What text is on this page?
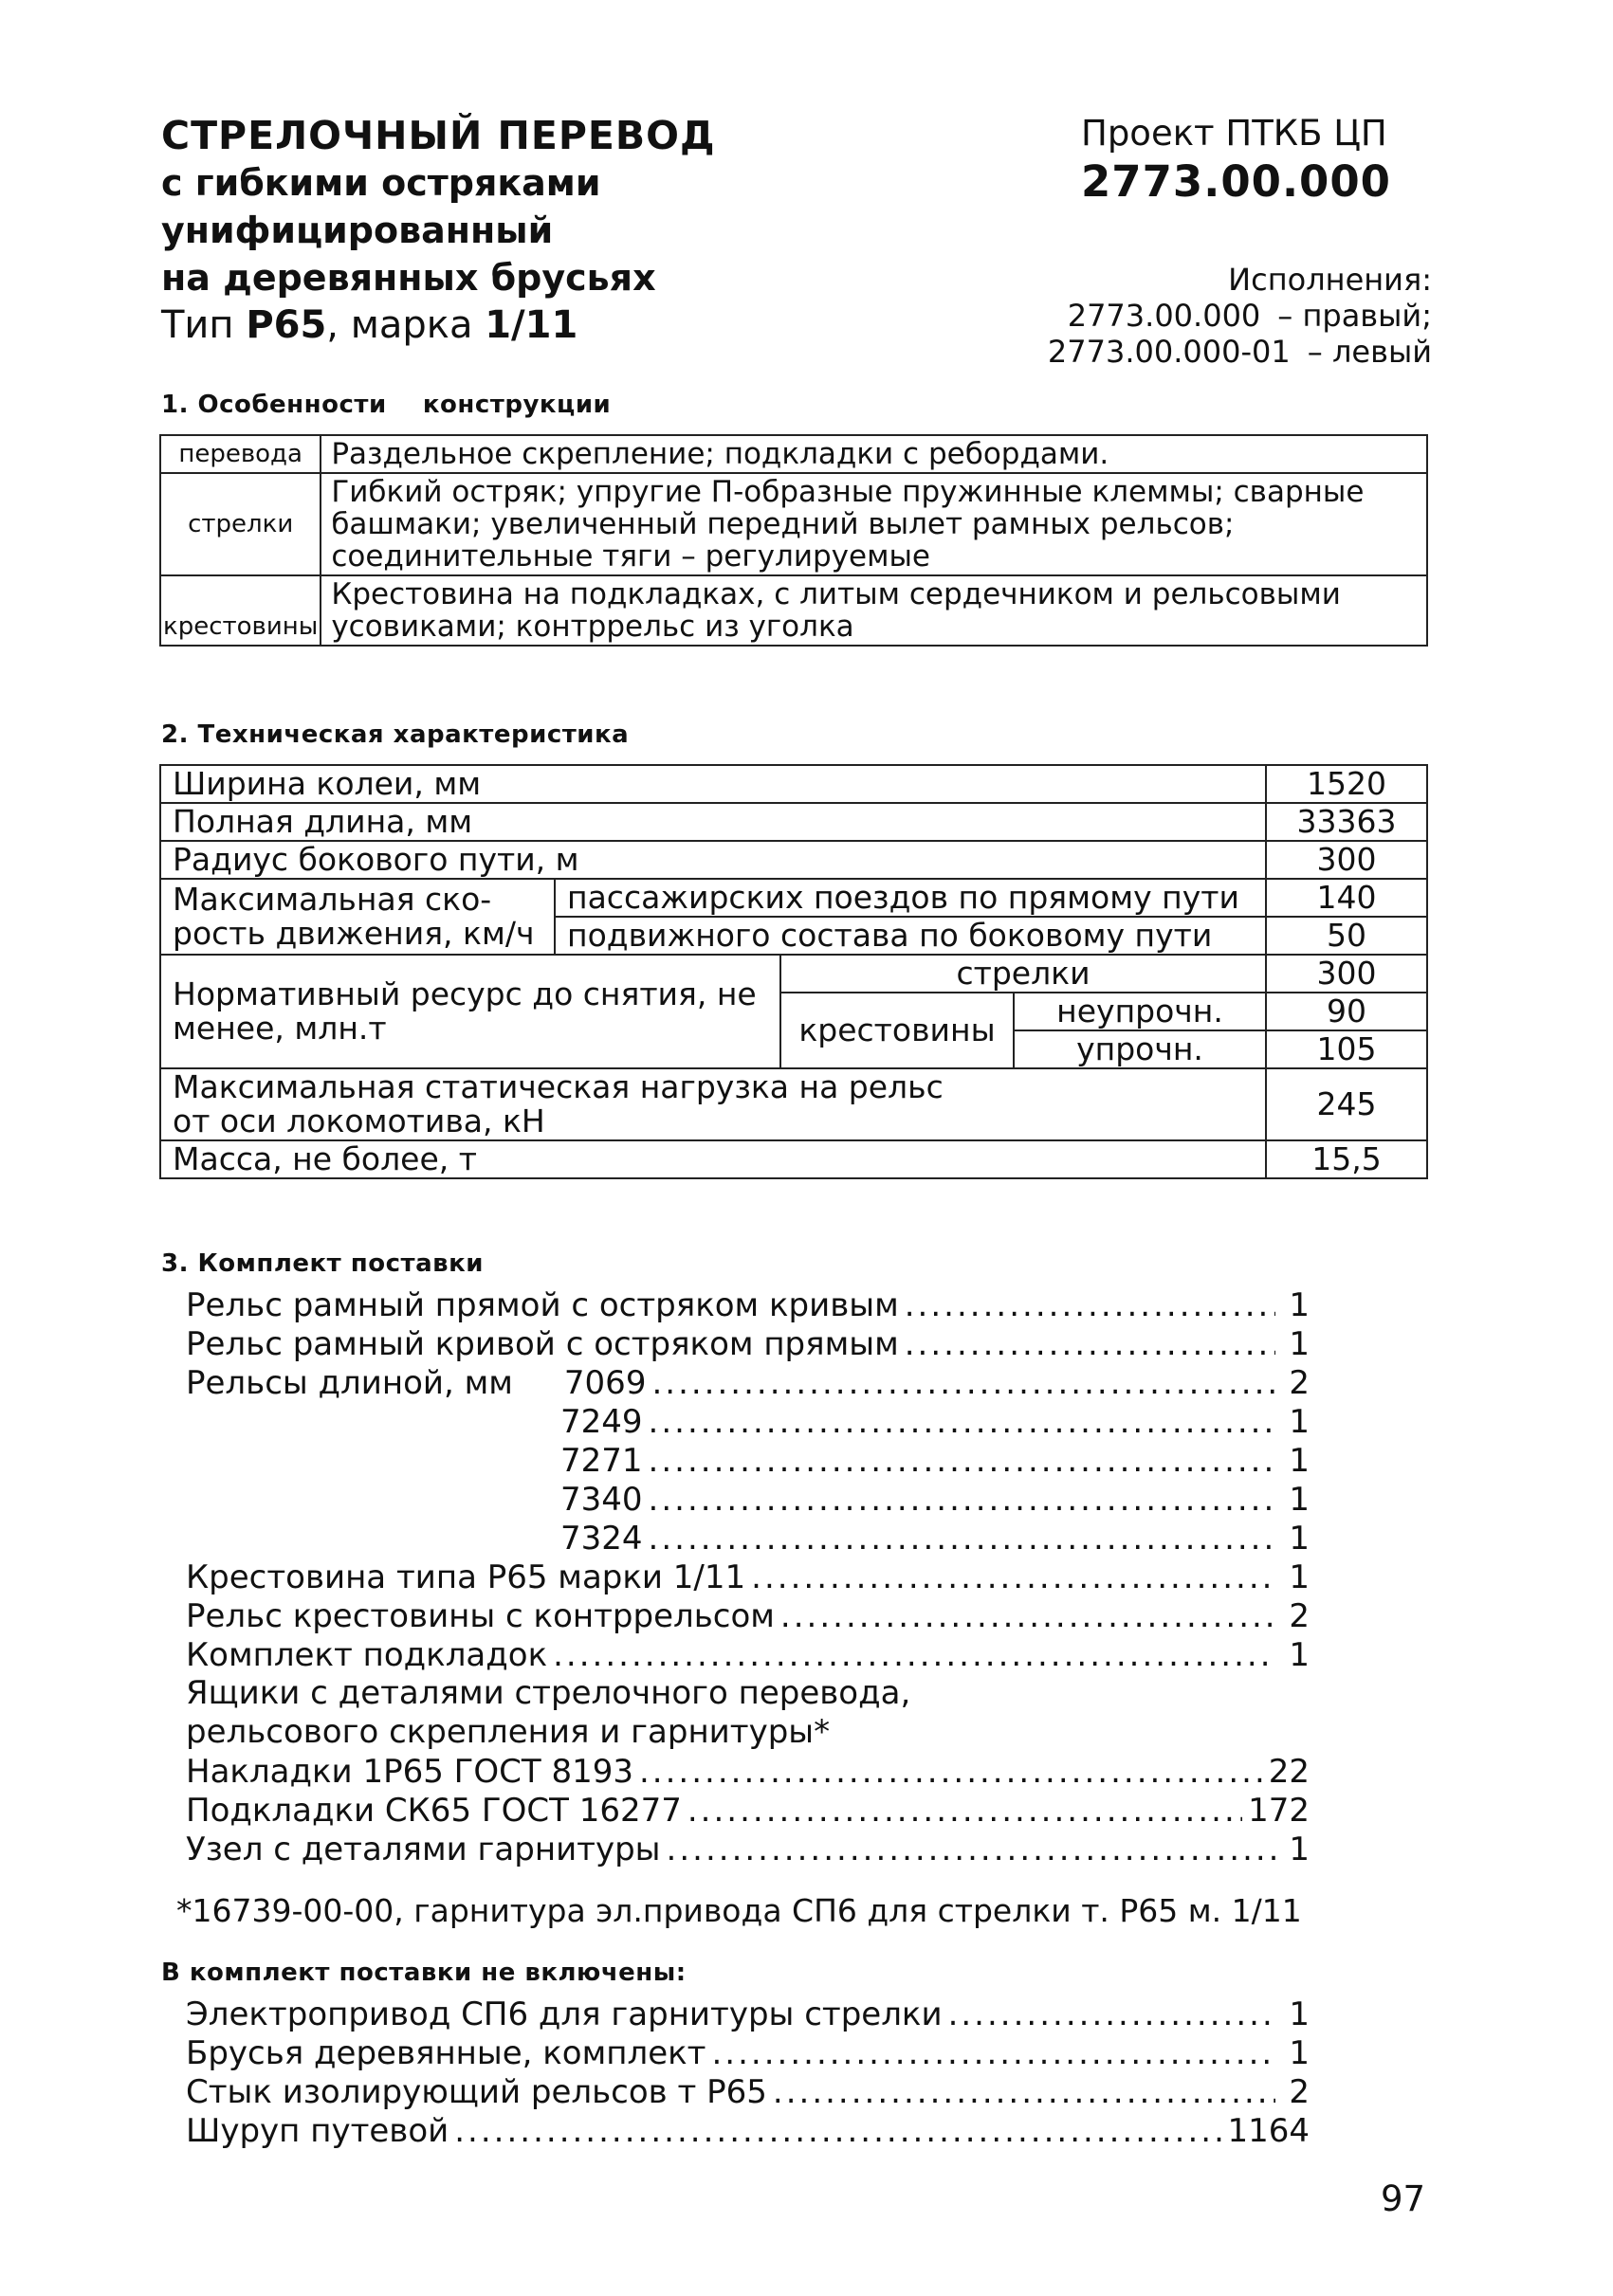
СТРЕЛОЧНЫЙ ПЕРЕВОД
с гибкими остряками
унифицированный
на деревянных брусьях
Тип Р65, марка 1/11
Проект ПТКБ ЦП
2773.00.000
Исполнения:
2773.00.000 – правый;
2773.00.000-01 – левый
1. Особенности    конструкции
перевода	Раздельное скрепление; подкладки с ребордами.
стрелки	Гибкий остряк; упругие П-образные пружинные клеммы; сварные башмаки; увеличенный передний вылет рамных рельсов; соединительные тяги – регулируемые
крестовины	Крестовина на подкладках, с литым сердечником и рельсовыми усовиками; контррельс из уголка
2. Техническая характеристика
Ширина колеи, мм				1520
Полная длина, мм				33363
Радиус бокового пути, м				300
Максимальная ско-рость движения, км/ч	пассажирских поездов по прямому пути			140
	подвижного состава по боковому пути			50
Нормативный ресурс до снятия, не менее, млн.т		стрелки		300
		крестовины	неупрочн.	90
			упрочн.	105
Максимальная статическая нагрузка на рельс от оси локомотива, кН				245
Масса, не более, т				15,5
3. Комплект поставки
Рельс рамный прямой с остряком кривым .....	1
Рельс рамный кривой с остряком прямым .....	1
Рельсы длиной, мм 7069 .....	2
7249 .....	1
7271 .....	1
7340 .....	1
7324 .....	1
Крестовина типа Р65 марки 1/11 .....	1
Рельс крестовины с контррельсом .....	2
Комплект подкладок .....	1
Ящики с деталями стрелочного перевода,
рельсового скрепления и гарнитуры*
Накладки 1Р65 ГОСТ 8193 .....	22
Подкладки СК65 ГОСТ 16277 .....	172
Узел с деталями гарнитуры .....	1
*16739-00-00, гарнитура эл.привода СП6 для стрелки т. Р65 м. 1/11
В комплект поставки не включены:
Электропривод СП6 для гарнитуры стрелки .....	1
Брусья деревянные, комплект .....	1
Стык изолирующий рельсов т Р65 .....	2
Шуруп путевой .....	1164
97
